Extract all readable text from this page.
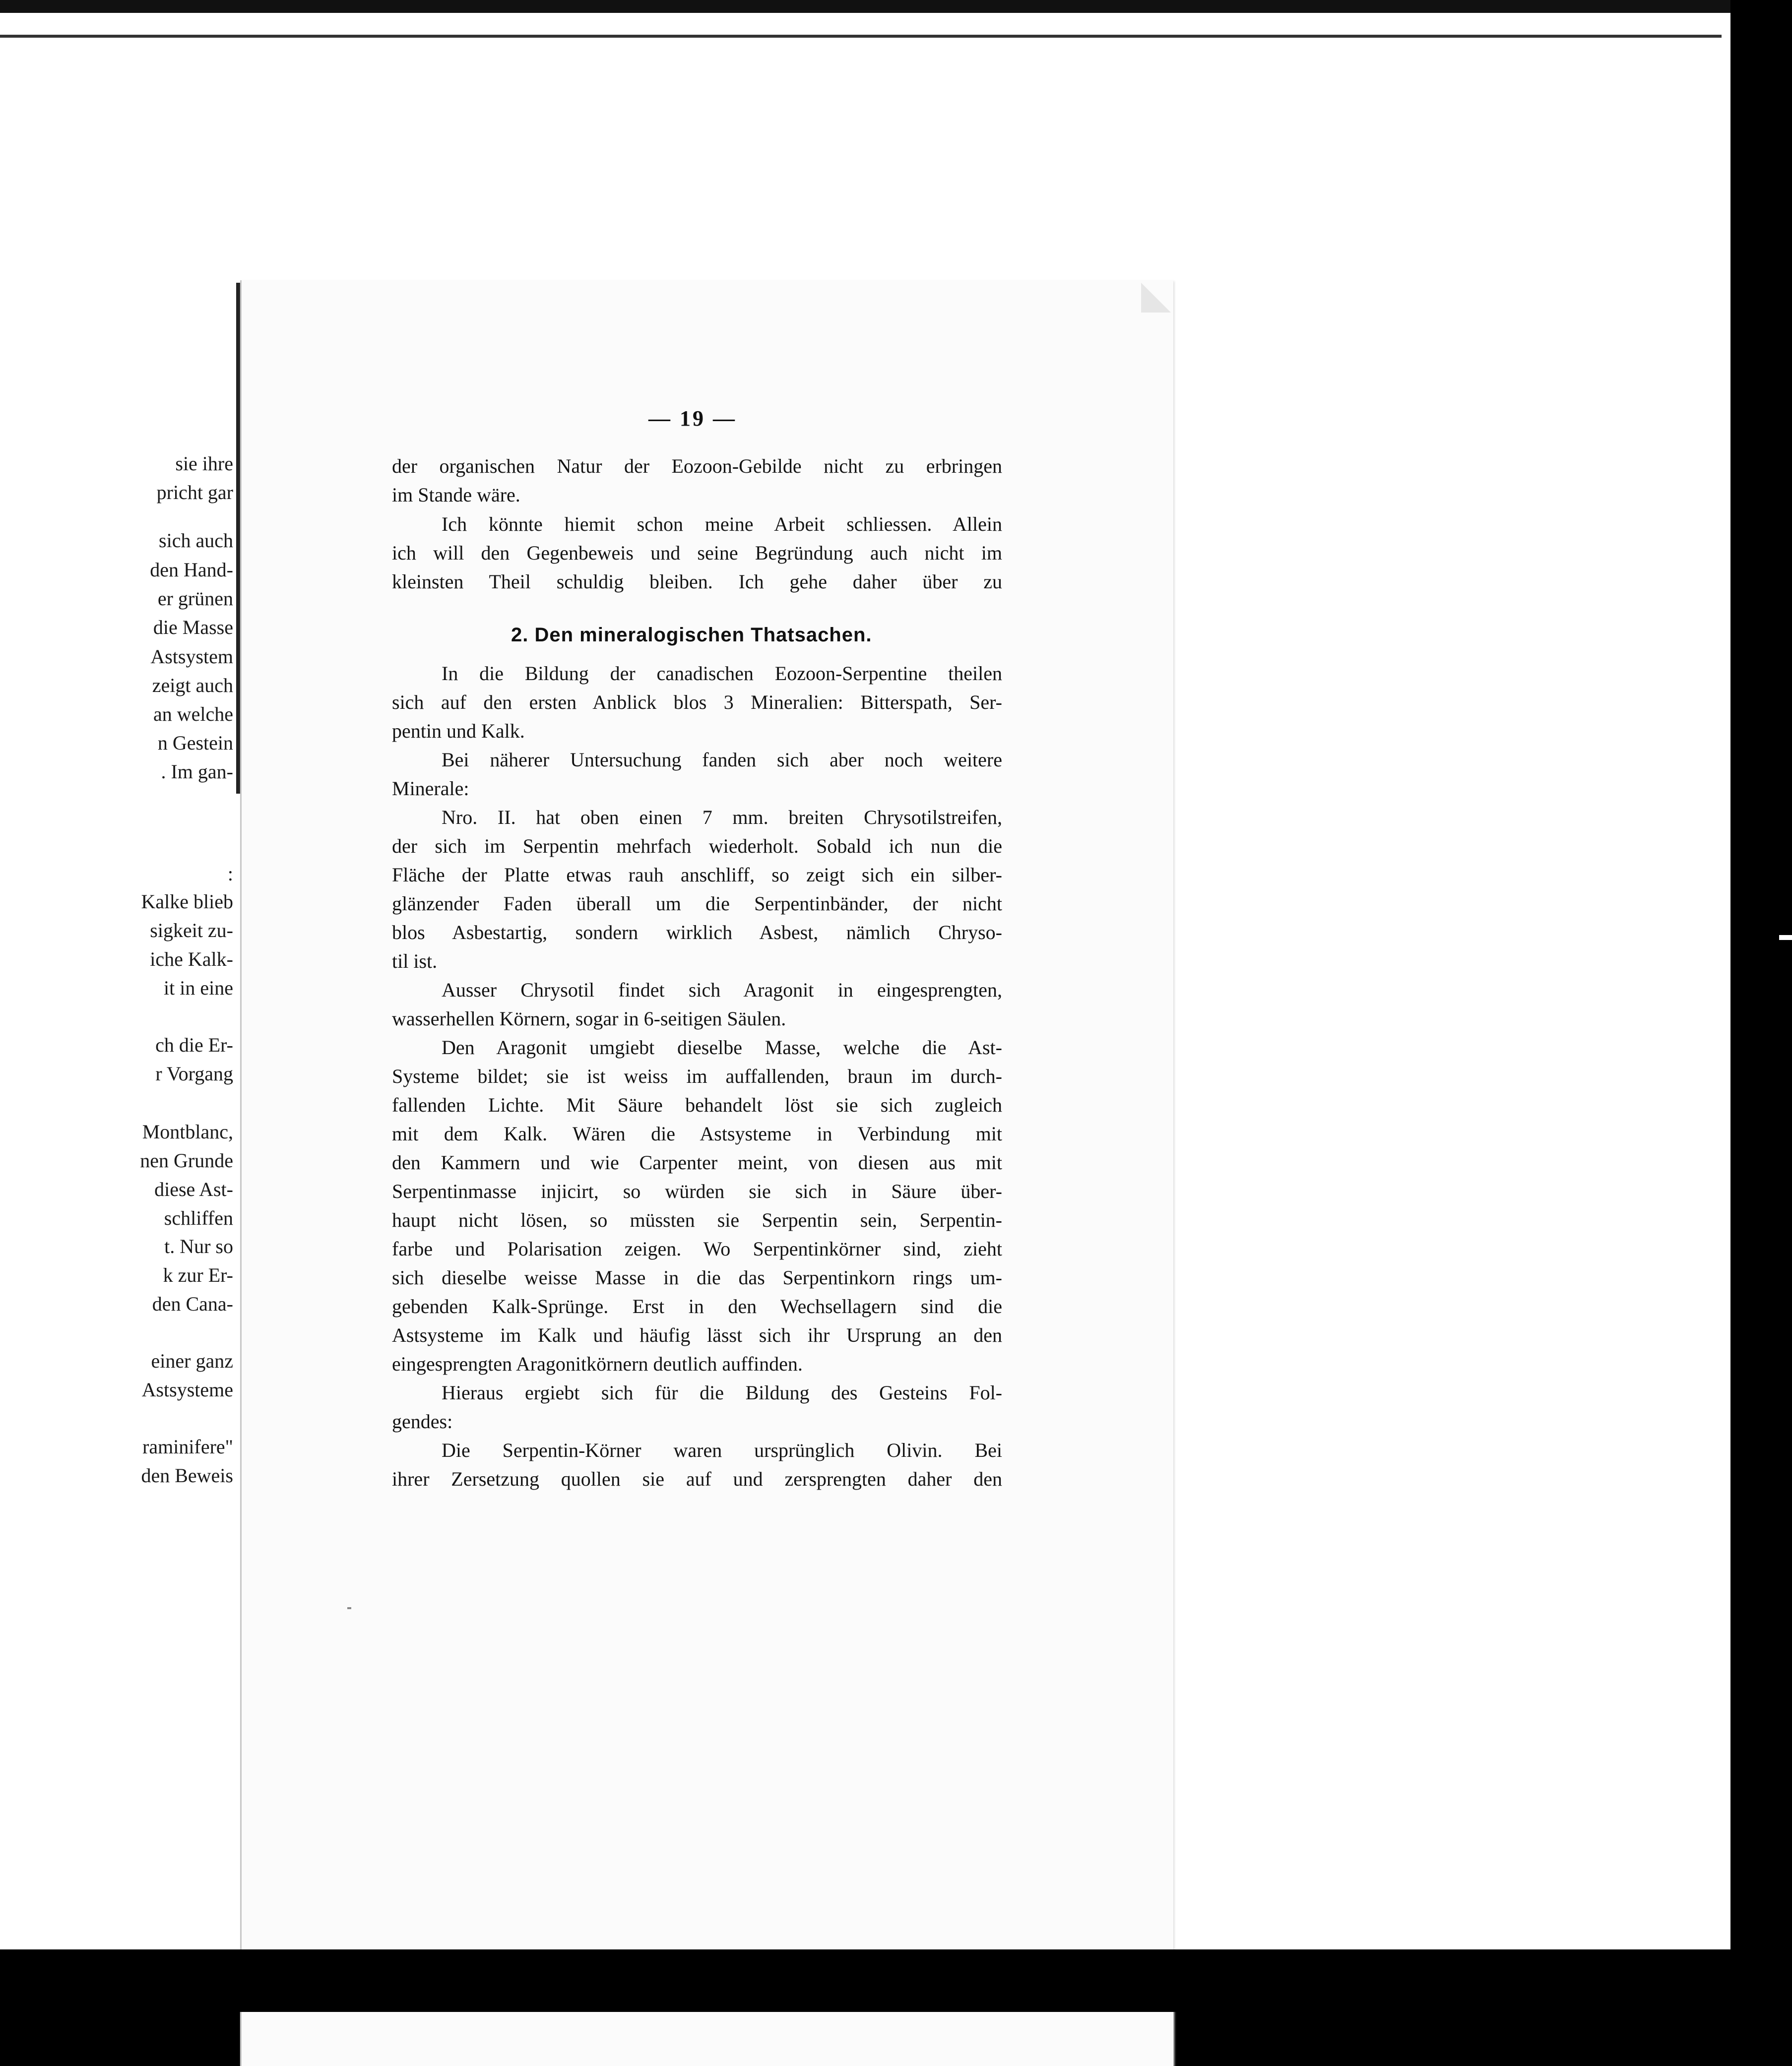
sie ihre
pricht gar
sich auch
den Hand-
er grünen
die Masse
Astsystem
zeigt auch
an welche
n Gestein
. Im gan-
:
Kalke blieb
sigkeit zu-
iche Kalk-
it in eine
ch die Er-
r Vorgang
Montblanc,
nen Grunde
diese Ast-
schliffen
t. Nur so
k zur Er-
den Cana-
einer ganz
Astsysteme
raminifere"
den Beweis
— 19 —
der organischen Natur der Eozoon-Gebilde nicht zu erbringen
im Stande wäre.
Ich könnte hiemit schon meine Arbeit schliessen. Allein
ich will den Gegenbeweis und seine Begründung auch nicht im
kleinsten Theil schuldig bleiben. Ich gehe daher über zu
In die Bildung der canadischen Eozoon-Serpentine theilen
sich auf den ersten Anblick blos 3 Mineralien: Bitterspath, Ser-
pentin und Kalk.
Bei näherer Untersuchung fanden sich aber noch weitere
Minerale:
Nro. II. hat oben einen 7 mm. breiten Chrysotilstreifen,
der sich im Serpentin mehrfach wiederholt. Sobald ich nun die
Fläche der Platte etwas rauh anschliff, so zeigt sich ein silber-
glänzender Faden überall um die Serpentinbänder, der nicht
blos Asbestartig, sondern wirklich Asbest, nämlich Chryso-
til ist.
Ausser Chrysotil findet sich Aragonit in eingesprengten,
wasserhellen Körnern, sogar in 6-seitigen Säulen.
Den Aragonit umgiebt dieselbe Masse, welche die Ast-
Systeme bildet; sie ist weiss im auffallenden, braun im durch-
fallenden Lichte. Mit Säure behandelt löst sie sich zugleich
mit dem Kalk. Wären die Astsysteme in Verbindung mit
den Kammern und wie Carpenter meint, von diesen aus mit
Serpentinmasse injicirt, so würden sie sich in Säure über-
haupt nicht lösen, so müssten sie Serpentin sein, Serpentin-
farbe und Polarisation zeigen. Wo Serpentinkörner sind, zieht
sich dieselbe weisse Masse in die das Serpentinkorn rings um-
gebenden Kalk-Sprünge. Erst in den Wechsellagern sind die
Astsysteme im Kalk und häufig lässt sich ihr Ursprung an den
eingesprengten Aragonitkörnern deutlich auffinden.
Hieraus ergiebt sich für die Bildung des Gesteins Fol-
gendes:
Die Serpentin-Körner waren ursprünglich Olivin. Bei
ihrer Zersetzung quollen sie auf und zersprengten daher den
2. Den mineralogischen Thatsachen.
